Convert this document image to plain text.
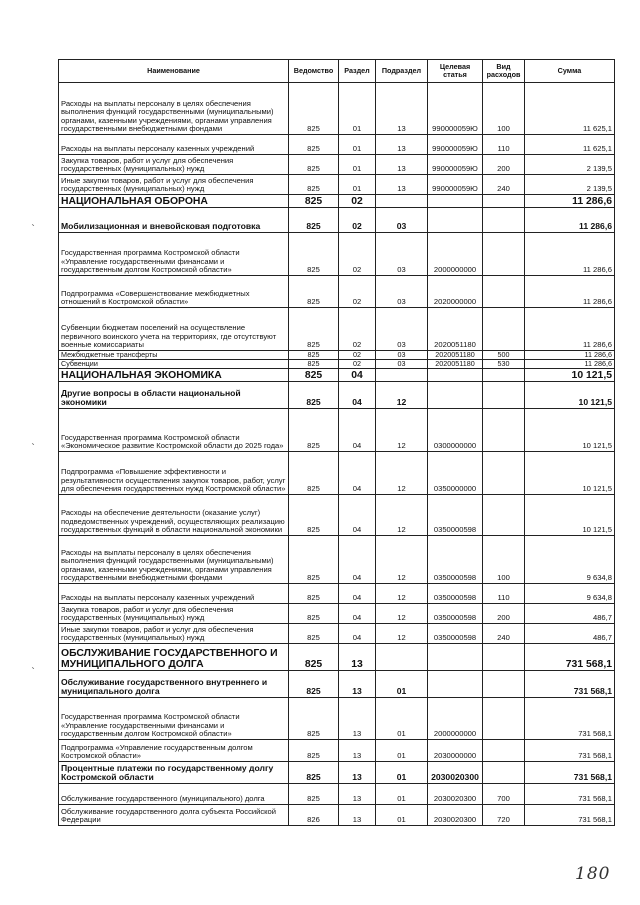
Наименование	Ведомство	Раздел	Подраздел	Целевая статья	Вид расходов	Сумма
Расходы на выплаты персоналу в целях обеспечения выполнения функций государственными (муниципальными) органами, казенными учреждениями, органами управления государственными внебюджетными фондами	825	01	13	990000059Ю	100	11 625,1
Расходы на выплаты персоналу казенных учреждений	825	01	13	990000059Ю	110	11 625,1
Закупка товаров, работ и услуг для обеспечения государственных (муниципальных) нужд	825	01	13	990000059Ю	200	2 139,5
Иные закупки товаров, работ и услуг для обеспечения государственных (муниципальных) нужд	825	01	13	990000059Ю	240	2 139,5
НАЦИОНАЛЬНАЯ ОБОРОНА	825	02				11 286,6
Мобилизационная и вневойсковая подготовка	825	02	03			11 286,6
Государственная программа Костромской области «Управление государственными финансами и государственным долгом Костромской области»	825	02	03	2000000000		11 286,6
Подпрограмма «Совершенствование межбюджетных отношений в Костромской области»	825	02	03	2020000000		11 286,6
Субвенции бюджетам поселений на осуществление первичного воинского учета на территориях, где отсутствуют военные комиссариаты	825	02	03	2020051180		11 286,6
Межбюджетные трансферты	825	02	03	2020051180	500	11 286,6
Субвенции	825	02	03	2020051180	530	11 286,6
НАЦИОНАЛЬНАЯ ЭКОНОМИКА	825	04				10 121,5
Другие вопросы в области национальной экономики	825	04	12			10 121,5
Государственная программа Костромской области «Экономическое развитие Костромской области до 2025 года»	825	04	12	0300000000		10 121,5
Подпрограмма «Повышение эффективности и результативности осуществления закупок товаров, работ, услуг для обеспечения государственных нужд Костромской области»	825	04	12	0350000000		10 121,5
Расходы на обеспечение деятельности (оказание услуг) подведомственных учреждений, осуществляющих реализацию государственных функций в области национальной экономики	825	04	12	0350000598		10 121,5
Расходы на выплаты персоналу в целях обеспечения выполнения функций государственными (муниципальными) органами, казенными учреждениями, органами управления государственными внебюджетными фондами	825	04	12	0350000598	100	9 634,8
Расходы на выплаты персоналу казенных учреждений	825	04	12	0350000598	110	9 634,8
Закупка товаров, работ и услуг для обеспечения государственных (муниципальных) нужд	825	04	12	0350000598	200	486,7
Иные закупки товаров, работ и услуг для обеспечения государственных (муниципальных) нужд	825	04	12	0350000598	240	486,7
ОБСЛУЖИВАНИЕ ГОСУДАРСТВЕННОГО И МУНИЦИПАЛЬНОГО ДОЛГА	825	13				731 568,1
Обслуживание государственного внутреннего и муниципального долга	825	13	01			731 568,1
Государственная программа Костромской области «Управление государственными финансами и государственным долгом Костромской области»	825	13	01	2000000000		731 568,1
Подпрограмма «Управление государственным долгом Костромской области»	825	13	01	2030000000		731 568,1
Процентные платежи по государственному долгу Костромской области	825	13	01	2030020300		731 568,1
Обслуживание государственного (муниципального) долга	825	13	01	2030020300	700	731 568,1
Обслуживание государственного долга субъекта Российской Федерации	826	13	01	2030020300	720	731 568,1
`
`
`
180
